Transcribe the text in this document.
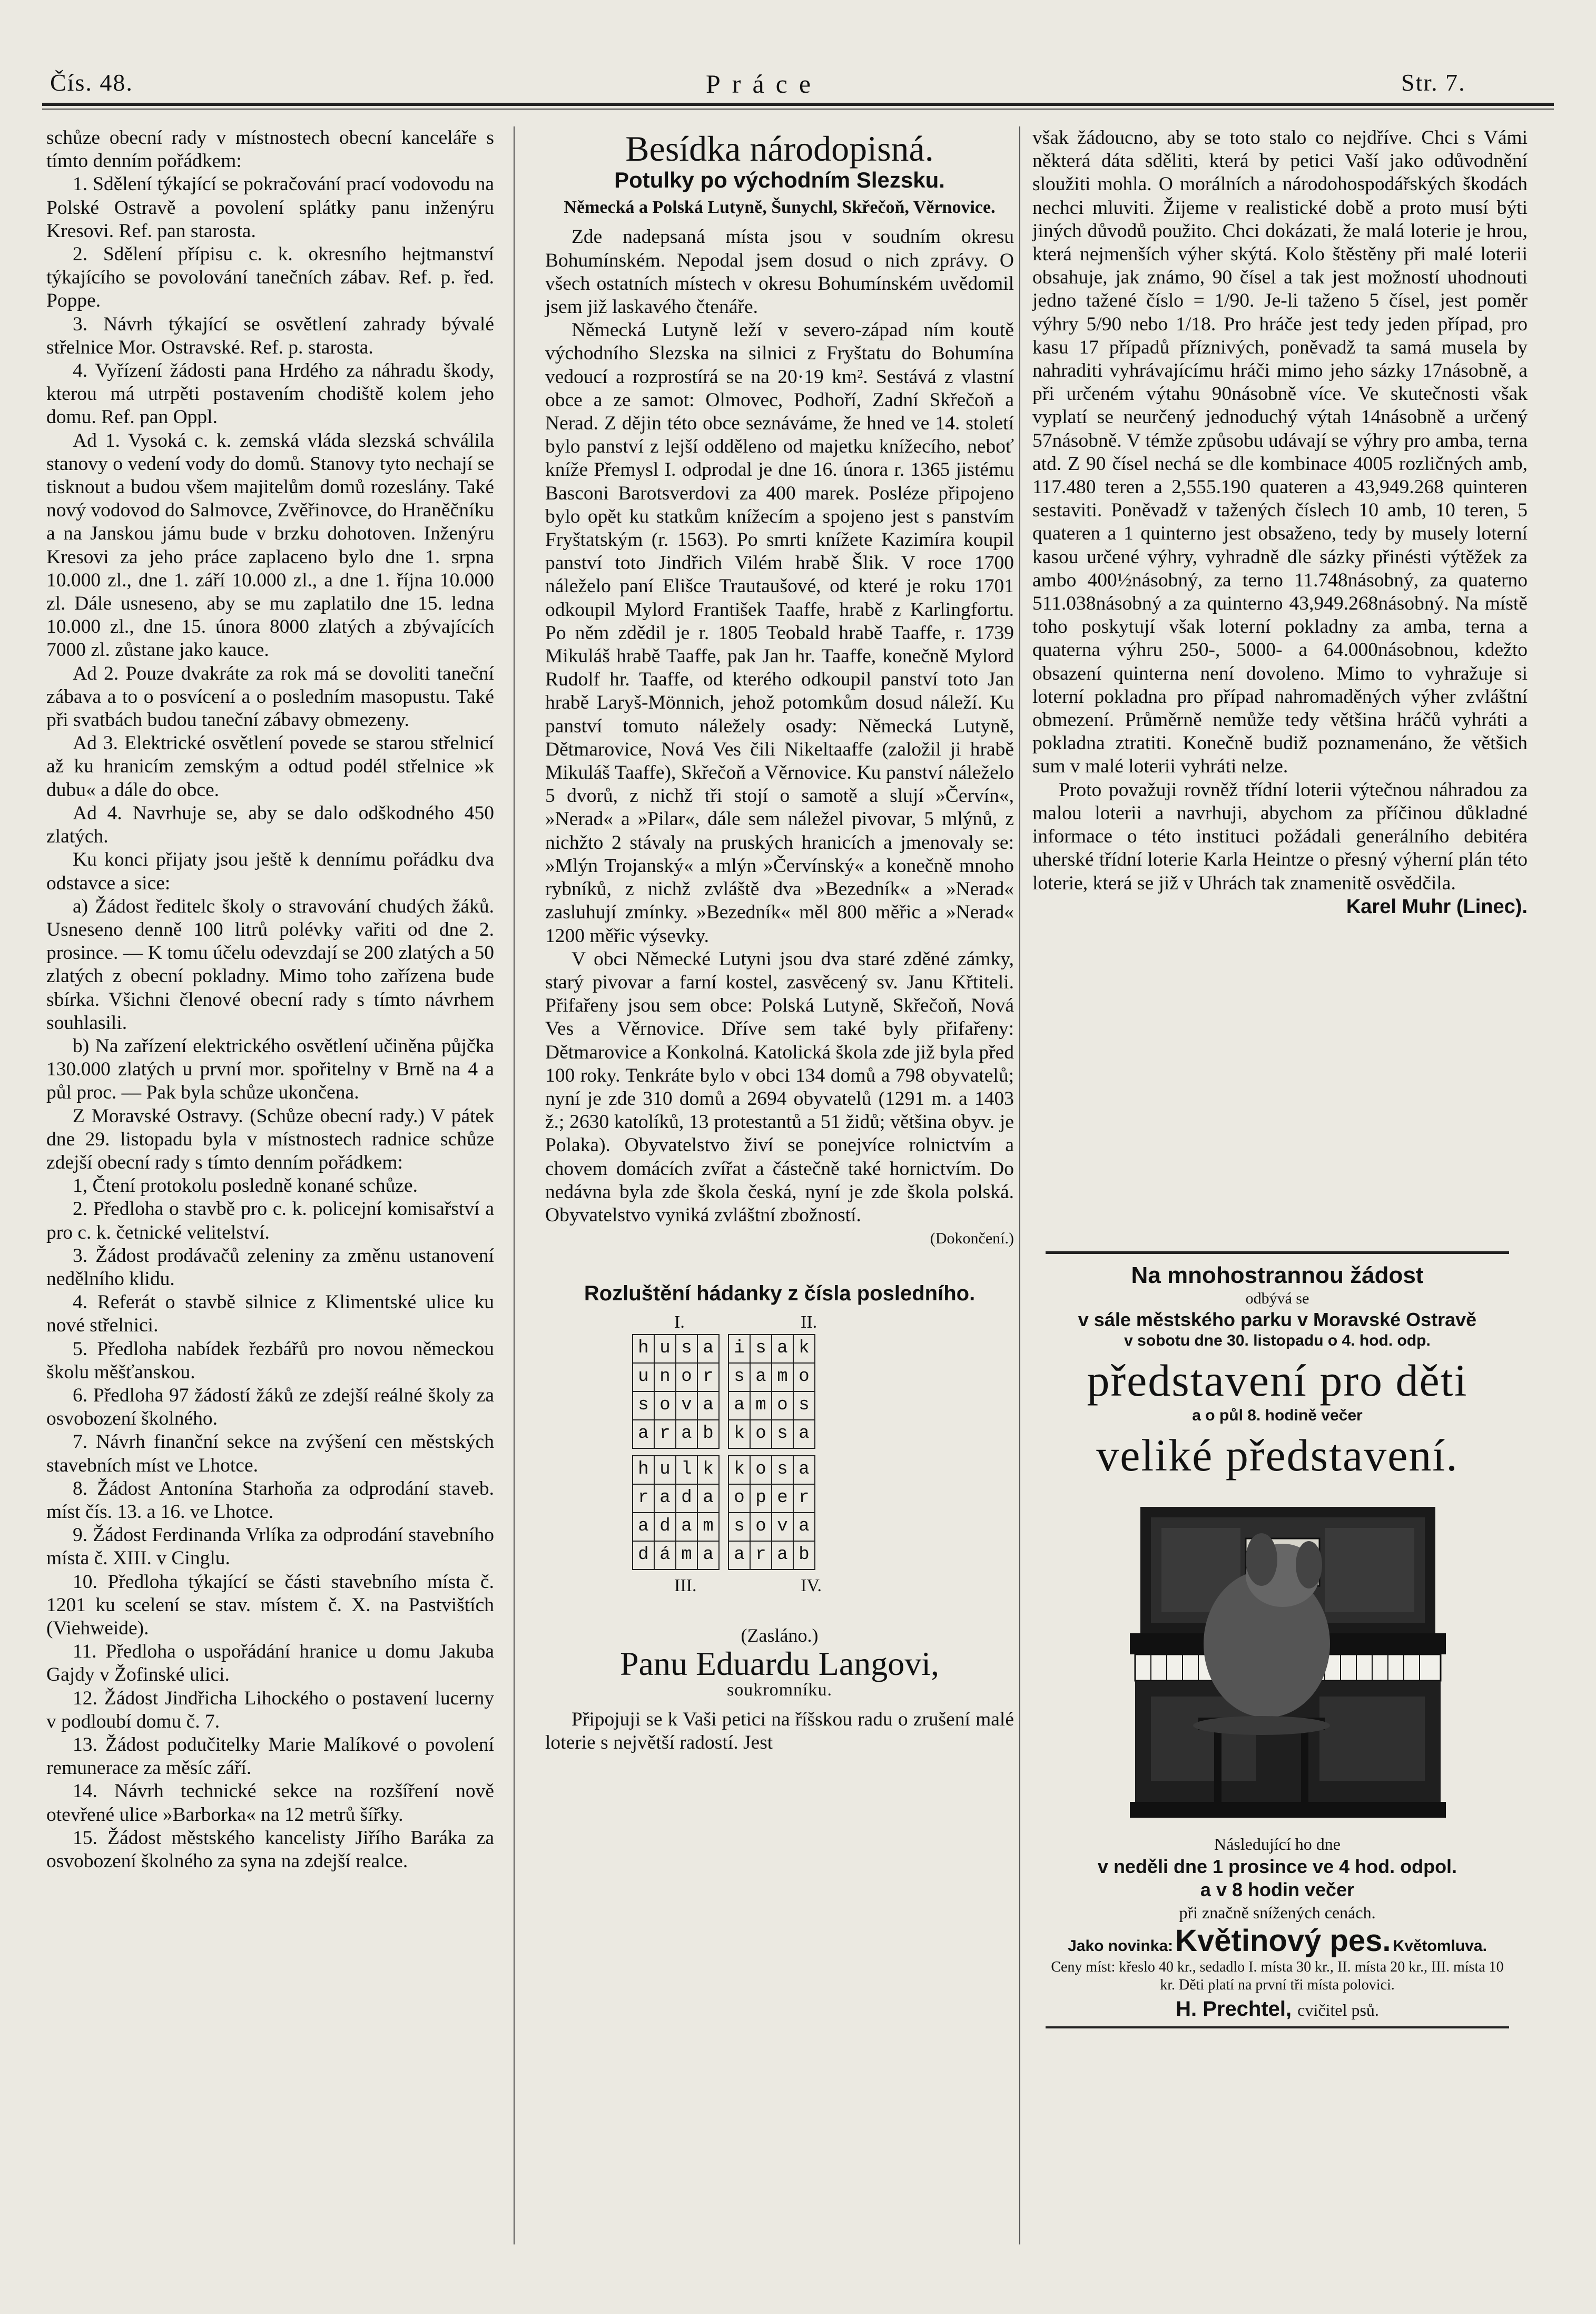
Čís. 48.	Práce	Str. 7.

schůze obecní rady v místnostech obecní kanceláře s tímto denním pořádkem:

1. Sdělení týkající se pokračování prací vodovodu na Polské Ostravě a povolení splátky panu inženýru Kresovi. Ref. pan starosta.

2. Sdělení přípisu c. k. okresního hejtmanství týkajícího se povolování tanečních zábav. Ref. p. řed. Poppe.

3. Návrh týkající se osvětlení zahrady bývalé střelnice Mor. Ostravské. Ref. p. starosta.

4. Vyřízení žádosti pana Hrdého za náhradu škody, kterou má utrpěti postavením chodiště kolem jeho domu. Ref. pan Oppl.

Ad 1. Vysoká c. k. zemská vláda slezská schválila stanovy o vedení vody do domů. Stanovy tyto nechají se tisknout a budou všem majitelům domů rozeslány. Také nový vodovod do Salmovce, Zvěřinovce, do Hraněčníku a na Janskou jámu bude v brzku dohotoven. Inženýru Kresovi za jeho práce zaplaceno bylo dne 1. srpna 10.000 zl., dne 1. září 10.000 zl., a dne 1. října 10.000 zl. Dále usneseno, aby se mu zaplatilo dne 15. ledna 10.000 zl., dne 15. února 8000 zlatých a zbývajících 7000 zl. zůstane jako kauce.

Ad 2. Pouze dvakráte za rok má se dovoliti taneční zábava a to o posvícení a o posledním masopustu. Také při svatbách budou taneční zábavy obmezeny.

Ad 3. Elektrické osvětlení povede se starou střelnicí až ku hranicím zemským a odtud podél střelnice »k dubu« a dále do obce.

Ad 4. Navrhuje se, aby se dalo odškodného 450 zlatých.

Ku konci přijaty jsou ještě k dennímu pořádku dva odstavce a sice:

a) Žádost ředitelc školy o stravování chudých žáků. Usneseno denně 100 litrů polévky vařiti od dne 2. prosince. — K tomu účelu odevzdají se 200 zlatých a 50 zlatých z obecní pokladny. Mimo toho zařízena bude sbírka. Všichni členové obecní rady s tímto návrhem souhlasili.

b) Na zařízení elektrického osvětlení učiněna půjčka 130.000 zlatých u první mor. spořitelny v Brně na 4 a půl proc. — Pak byla schůze ukončena.

Z Moravské Ostravy. (Schůze obecní rady.) V pátek dne 29. listopadu byla v místnostech radnice schůze zdejší obecní rady s tímto denním pořádkem:

1, Čtení protokolu posledně konané schůze.

2. Předloha o stavbě pro c. k. policejní komisařství a pro c. k. četnické velitelství.

3. Žádost prodávačů zeleniny za změnu ustanovení nedělního klidu.

4. Referát o stavbě silnice z Klimentské ulice ku nové střelnici.

5. Předloha nabídek řezbářů pro novou německou školu měšťanskou.

6. Předloha 97 žádostí žáků ze zdejší reálné školy za osvobození školného.

7. Návrh finanční sekce na zvýšení cen městských stavebních míst ve Lhotce.

8. Žádost Antonína Starhoňa za odprodání staveb. míst čís. 13. a 16. ve Lhotce.

9. Žádost Ferdinanda Vrlíka za odprodání stavebního místa č. XIII. v Cinglu.

10. Předloha týkající se části stavebního místa č. 1201 ku scelení se stav. místem č. X. na Pastvištích (Viehweide).

11. Předloha o uspořádání hranice u domu Jakuba Gajdy v Žofinské ulici.

12. Žádost Jindřicha Lihockého o postavení lucerny v podloubí domu č. 7.

13. Žádost podučitelky Marie Malíkové o povolení remunerace za měsíc září.

14. Návrh technické sekce na rozšíření nově otevřené ulice »Barborka« na 12 metrů šířky.

15. Žádost městského kancelisty Jiřího Baráka za osvobození školného za syna na zdejší realce.

Besídka národopisná.
Potulky po východním Slezsku.
Německá a Polská Lutyně, Šunychl, Skřečoň, Věrnovice.

Zde nadepsaná místa jsou v soudním okresu Bohumínském. Nepodal jsem dosud o nich zprávy. O všech ostatních místech v okresu Bohumínském uvědomil jsem již laskavého čtenáře.

Německá Lutyně leží v severo-západ ním koutě východního Slezska na silnici z Fryštatu do Bohumína vedoucí a rozprostírá se na 20·19 km². Sestává z vlastní obce a ze samot: Olmovec, Podhoří, Zadní Skřečoň a Nerad. Z dějin této obce seznáváme, že hned ve 14. století bylo panství z lejší odděleno od majetku knížecího, neboť kníže Přemysl I. odprodal je dne 16. února r. 1365 jistému Basconi Barotsverdovi za 400 marek. Posléze připojeno bylo opět ku statkům knížecím a spojeno jest s panstvím Fryštatským (r. 1563). Po smrti knížete Kazimíra koupil panství toto Jindřich Vilém hrabě Šlik. V roce 1700 náleželo paní Elišce Trautaušové, od které je roku 1701 odkoupil Mylord František Taaffe, hrabě z Karlingfortu. Po něm zdědil je r. 1805 Teobald hrabě Taaffe, r. 1739 Mikuláš hrabě Taaffe, pak Jan hr. Taaffe, konečně Mylord Rudolf hr. Taaffe, od kterého odkoupil panství toto Jan hrabě Laryš-Mönnich, jehož potomkům dosud náleží. Ku panství tomuto náležely osady: Německá Lutyně, Dětmarovice, Nová Ves čili Nikeltaaffe (založil ji hrabě Mikuláš Taaffe), Skřečoň a Věrnovice. Ku panství náleželo 5 dvorů, z nichž tři stojí o samotě a slují »Červín«, »Nerad« a »Pilar«, dále sem náležel pivovar, 5 mlýnů, z nichžto 2 stávaly na pruských hranicích a jmenovaly se: »Mlýn Trojanský« a mlýn »Červínský« a konečně mnoho rybníků, z nichž zvláště dva »Bezedník« a »Nerad« zasluhují zmínky. »Bezedník« měl 800 měřic a »Nerad« 1200 měřic výsevky.

V obci Německé Lutyni jsou dva staré zděné zámky, starý pivovar a farní kostel, zasvěcený sv. Janu Křtiteli. Přifařeny jsou sem obce: Polská Lutyně, Skřečoň, Nová Ves a Věrnovice. Dříve sem také byly přifařeny: Dětmarovice a Konkolná. Katolická škola zde již byla před 100 roky. Tenkráte bylo v obci 134 domů a 798 obyvatelů; nyní je zde 310 domů a 2694 obyvatelů (1291 m. a 1403 ž.; 2630 katolíků, 13 protestantů a 51 židů; většina obyv. je Polaka). Obyvatelstvo živí se ponejvíce rolnictvím a chovem domácích zvířat a částečně také hornictvím. Do nedávna byla zde škola česká, nyní je zde škola polská. Obyvatelstvo vyniká zvláštní zbožností.

(Dokončení.)
Rozluštění hádanky z čísla posledního.
I.	II.
h	u	s	a		i	s	a	k
u	n	o	r		s	a	m	o
s	o	v	a		a	m	o	s
a	r	a	b		k	o	s	a

h	u	l	k		k	o	s	a
r	a	d	a		o	p	e	r
a	d	a	m		s	o	v	a
d	á	m	a		a	r	a	b
III.	IV.
(Zasláno.)
Panu Eduardu Langovi,
soukromníku.

Připojuji se k Vaši petici na říšskou radu o zrušení malé loterie s největší radostí. Jest

však žádoucno, aby se toto stalo co nejdříve. Chci s Vámi některá dáta sděliti, která by petici Vaší jako odůvodnění sloužiti mohla. O morálních a národohospodářských škodách nechci mluviti. Žijeme v realistické době a proto musí býti jiných důvodů použito. Chci dokázati, že malá loterie je hrou, která nejmenších výher skýtá. Kolo štěstěny při malé loterii obsahuje, jak známo, 90 čísel a tak jest možností uhodnouti jedno tažené číslo = 1/90. Je-li taženo 5 čísel, jest poměr výhry 5/90 nebo 1/18. Pro hráče jest tedy jeden případ, pro kasu 17 případů příznivých, poněvadž ta samá musela by nahraditi vyhrávajícímu hráči mimo jeho sázky 17násobně, a při určeném výtahu 90násobně více. Ve skutečnosti však vyplatí se neurčený jednoduchý výtah 14násobně a určený 57násobně. V témže způsobu udávají se výhry pro amba, terna atd. Z 90 čísel nechá se dle kombinace 4005 rozličných amb, 117.480 teren a 2,555.190 quateren a 43,949.268 quinteren sestaviti. Poněvadž v tažených číslech 10 amb, 10 teren, 5 quateren a 1 quinterno jest obsaženo, tedy by musely loterní kasou určené výhry, vyhradně dle sázky přinésti výtěžek za ambo 400½násobný, za terno 11.748násobný, za quaterno 511.038násobný a za quinterno 43,949.268násobný. Na místě toho poskytují však loterní pokladny za amba, terna a quaterna výhru 250-, 5000- a 64.000násobnou, kdežto obsazení quinterna není dovoleno. Mimo to vyhražuje si loterní pokladna pro případ nahromaděných výher zvláštní obmezení. Průměrně nemůže tedy většina hráčů vyhráti a pokladna ztratiti. Konečně budiž poznamenáno, že většich sum v malé loterii vyhráti nelze.

Proto považuji rovněž třídní loterii výtečnou náhradou za malou loterii a navrhuji, abychom za příčinou důkladné informace o této instituci požádali generálního debitéra uherské třídní loterie Karla Heintze o přesný výherní plán této loterie, která se již v Uhrách tak znamenitě osvědčila.

Karel Muhr (Linec).
Na mnohostrannou žádost
odbývá se
v sále městského parku v Moravské Ostravě
v sobotu dne 30. listopadu o 4. hod. odp.
představení pro děti
a o půl 8. hodině večer
veliké představení.
Následující ho dne
v neděli dne 1 prosince ve 4 hod. odpol.
a v 8 hodin večer
při značně snížených cenách.
Jako novinka: Květinový pes. Květomluva.
Ceny míst: křeslo 40 kr., sedadlo I. místa 30 kr., II. místa 20 kr., III. místa 10 kr. Děti platí na první tři místa polovici.
H. Prechtel, cvičitel psů.
